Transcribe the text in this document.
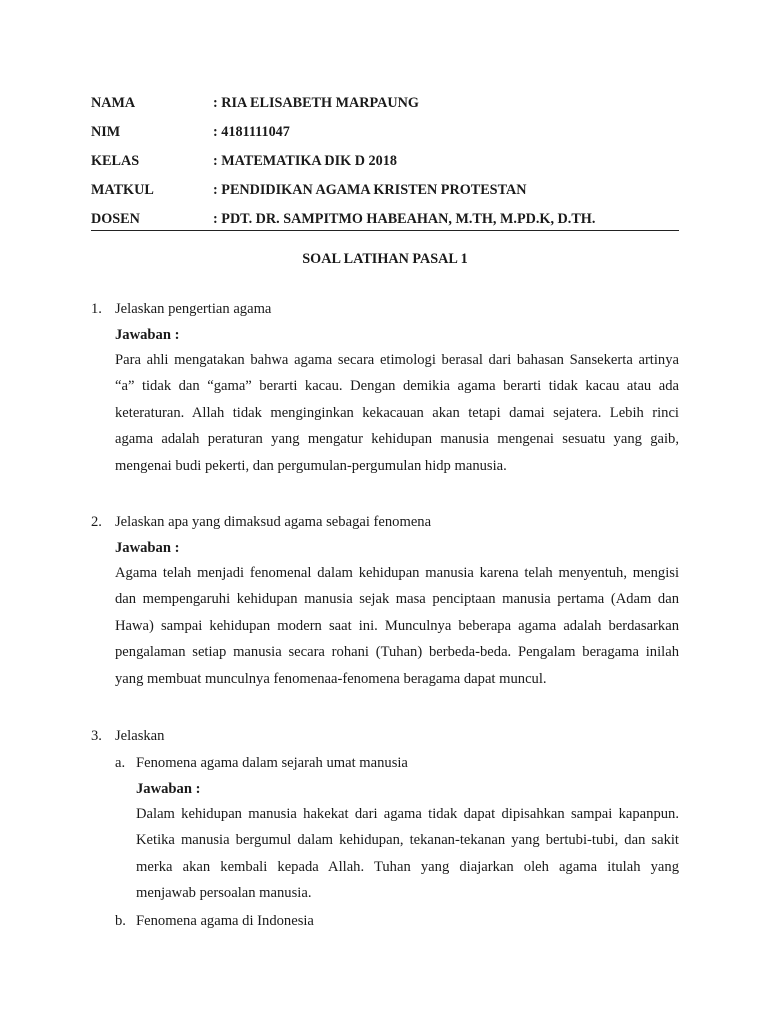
NAMA	: RIA ELISABETH MARPAUNG
NIM	: 4181111047
KELAS	: MATEMATIKA DIK D 2018
MATKUL	: PENDIDIKAN AGAMA KRISTEN PROTESTAN
DOSEN	: PDT. DR. SAMPITMO HABEAHAN, M.TH, M.PD.K, D.TH.
SOAL LATIHAN PASAL 1
1. Jelaskan pengertian agama
Jawaban :
Para ahli mengatakan bahwa agama secara etimologi berasal dari bahasan Sansekerta artinya
“a” tidak dan “gama” berarti kacau. Dengan demikia agama berarti tidak kacau atau ada
keteraturan. Allah tidak menginginkan kekacauan akan tetapi damai sejatera. Lebih rinci
agama adalah peraturan yang mengatur kehidupan manusia mengenai sesuatu yang gaib,
mengenai budi pekerti, dan pergumulan-pergumulan hidp manusia.
2. Jelaskan apa yang dimaksud agama sebagai fenomena
Jawaban :
Agama telah menjadi fenomenal dalam kehidupan manusia karena telah menyentuh, mengisi
dan mempengaruhi kehidupan manusia sejak masa penciptaan manusia pertama (Adam dan
Hawa) sampai kehidupan modern saat ini. Munculnya beberapa agama adalah berdasarkan
pengalaman setiap manusia secara rohani (Tuhan) berbeda-beda. Pengalam beragama inilah
yang membuat munculnya fenomenaa-fenomena beragama dapat muncul.
3. Jelaskan
a. Fenomena agama dalam sejarah umat manusia
Jawaban :
Dalam kehidupan manusia hakekat dari agama tidak dapat dipisahkan sampai kapanpun.
Ketika manusia bergumul dalam kehidupan, tekanan-tekanan yang bertubi-tubi, dan sakit
merka akan kembali kepada Allah. Tuhan yang diajarkan oleh agama itulah yang
menjawab persoalan manusia.
b. Fenomena agama di Indonesia
